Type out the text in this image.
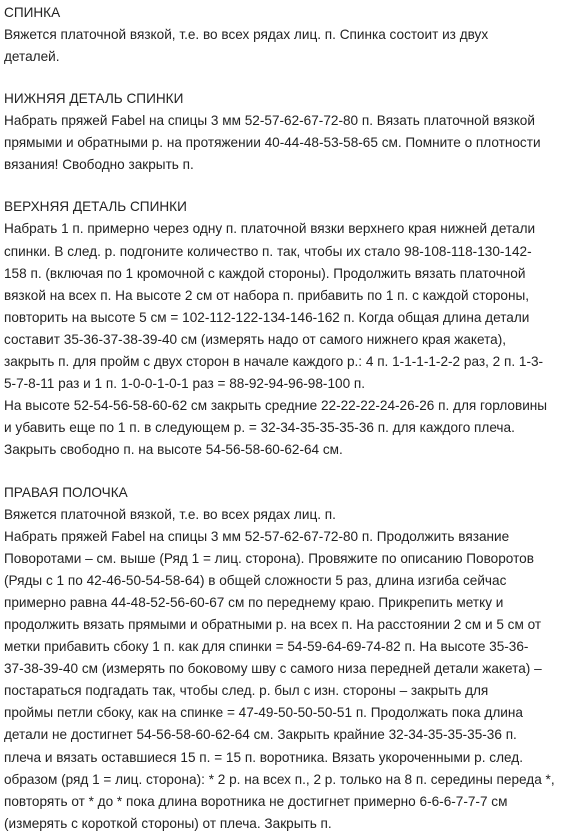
СПИНКА

Вяжется платочной вязкой, т.е. во всех рядах лиц. п. Спинка состоит из двух

деталей.

НИЖНЯЯ ДЕТАЛЬ СПИНКИ

Набрать пряжей Fabel на спицы 3 мм 52-57-62-67-72-80 п. Вязать платочной вязкой

прямыми и обратными р. на протяжении 40-44-48-53-58-65 см. Помните о плотности

вязания! Свободно закрыть п.

ВЕРХНЯЯ ДЕТАЛЬ СПИНКИ

Набрать 1 п. примерно через одну п. платочной вязки верхнего края нижней детали

спинки. В след. р. подгоните количество п. так, чтобы их стало 98-108-118-130-142-

158 п. (включая по 1 кромочной с каждой стороны). Продолжить вязать платочной

вязкой на всех п. На высоте 2 см от набора п. прибавить по 1 п. с каждой стороны,

повторить на высоте 5 см = 102-112-122-134-146-162 п. Когда общая длина детали

составит 35-36-37-38-39-40 см (измерять надо от самого нижнего края жакета),

закрыть п. для пройм с двух сторон в начале каждого р.: 4 п. 1-1-1-1-2-2 раз, 2 п. 1-3-

5-7-8-11 раз и 1 п. 1-0-0-1-0-1 раз = 88-92-94-96-98-100 п.

На высоте 52-54-56-58-60-62 см закрыть средние 22-22-22-24-26-26 п. для горловины

и убавить еще по 1 п. в следующем р. = 32-34-35-35-35-36 п. для каждого плеча.

Закрыть свободно п. на высоте 54-56-58-60-62-64 см.

ПРАВАЯ ПОЛОЧКА

Вяжется платочной вязкой, т.е. во всех рядах лиц. п.

Набрать пряжей Fabel на спицы 3 мм 52-57-62-67-72-80 п. Продолжить вязание

Поворотами – см. выше (Ряд 1 = лиц. сторона). Провяжите по описанию Поворотов

(Ряды с 1 по 42-46-50-54-58-64) в общей сложности 5 раз, длина изгиба сейчас

примерно равна 44-48-52-56-60-67 см по переднему краю. Прикрепить метку и

продолжить вязать прямыми и обратными р. на всех п. На расстоянии 2 см и 5 см от

метки прибавить сбоку 1 п. как для спинки = 54-59-64-69-74-82 п. На высоте 35-36-

37-38-39-40 см (измерять по боковому шву с самого низа передней детали жакета) –

постараться подгадать так, чтобы след. р. был с изн. стороны – закрыть для

проймы петли сбоку, как на спинке = 47-49-50-50-50-51 п. Продолжать пока длина

детали не достигнет 54-56-58-60-62-64 см. Закрыть крайние 32-34-35-35-35-36 п.

плеча и вязать оставшиеся 15 п. = 15 п. воротника. Вязать укороченными р. след.

образом (ряд 1 = лиц. сторона): * 2 р. на всех п., 2 р. только на 8 п. середины переда *,

повторять от * до * пока длина воротника не достигнет примерно 6-6-6-7-7-7 см

(измерять с короткой стороны) от плеча. Закрыть п.
